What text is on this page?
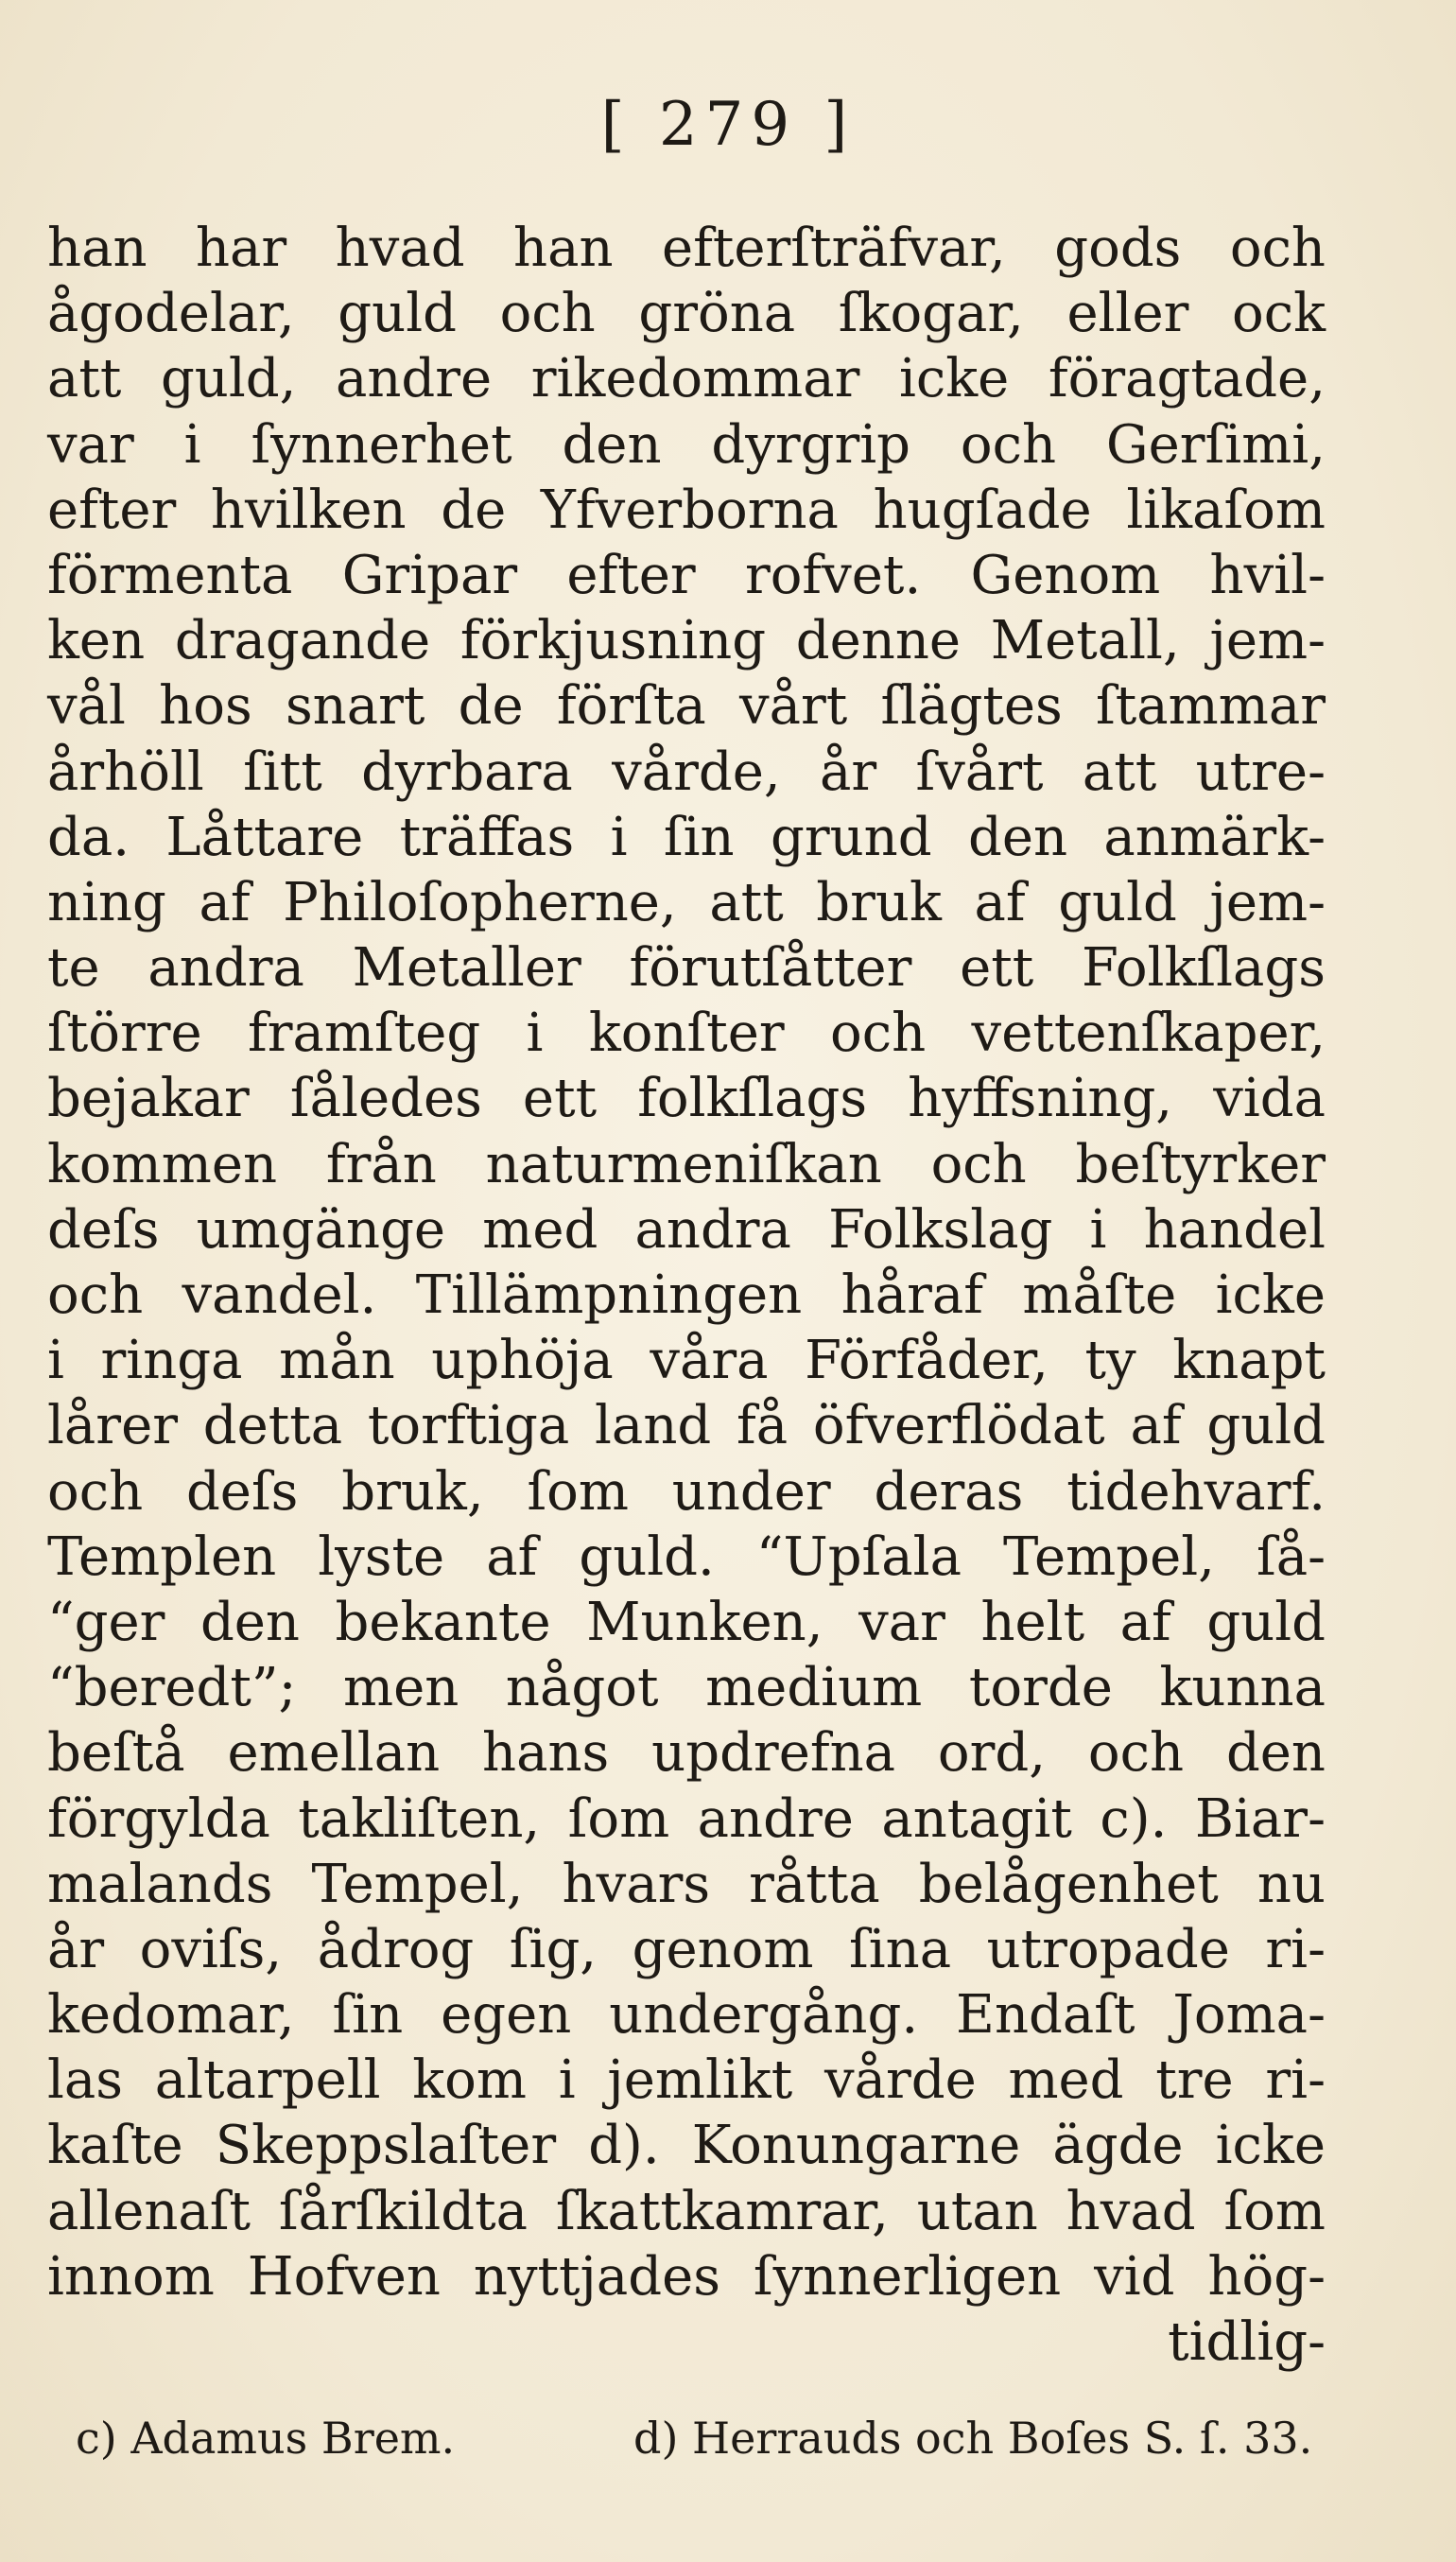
[ 279 ]
han har hvad han efterſträfvar, gods och
ågodelar, guld och gröna ſkogar, eller ock
att guld, andre rikedommar icke föragtade,
var i ſynnerhet den dyrgrip och Gerſimi,
efter hvilken de Yfverborna hugſade likaſom
förmenta Gripar efter rofvet. Genom hvil-
ken dragande förkjusning denne Metall, jem-
vål hos snart de förſta vårt ſlägtes ſtammar
århöll ſitt dyrbara vårde, år ſvårt att utre-
da. Låttare träffas i ſin grund den anmärk-
ning af Philoſopherne, att bruk af guld jem-
te andra Metaller förutſåtter ett Folkſlags
ſtörre framſteg i konſter och vettenſkaper,
bejakar ſåledes ett folkſlags hyffsning, vida
kommen från naturmeniſkan och beſtyrker
deſs umgänge med andra Folkslag i handel
och vandel. Tillämpningen håraf måſte icke
i ringa mån uphöja våra Förfåder, ty knapt
lårer detta torftiga land få öfverflödat af guld
och deſs bruk, ſom under deras tidehvarf.
Templen lyste af guld. “Upſala Tempel, ſå-
“ger den bekante Munken, var helt af guld
“beredt”; men något medium torde kunna
beſtå emellan hans updrefna ord, och den
förgylda takliſten, ſom andre antagit c). Biar-
malands Tempel, hvars råtta belågenhet nu
år oviſs, ådrog ſig, genom ſina utropade ri-
kedomar, ſin egen undergång. Endaſt Joma-
las altarpell kom i jemlikt vårde med tre ri-
kaſte Skeppslaſter d). Konungarne ägde icke
allenaſt ſårſkildta ſkattkamrar, utan hvad ſom
innom Hofven nyttjades ſynnerligen vid hög-
tidlig-
c) Adamus Brem.	d) Herrauds och Boſes S. ſ. 33.
